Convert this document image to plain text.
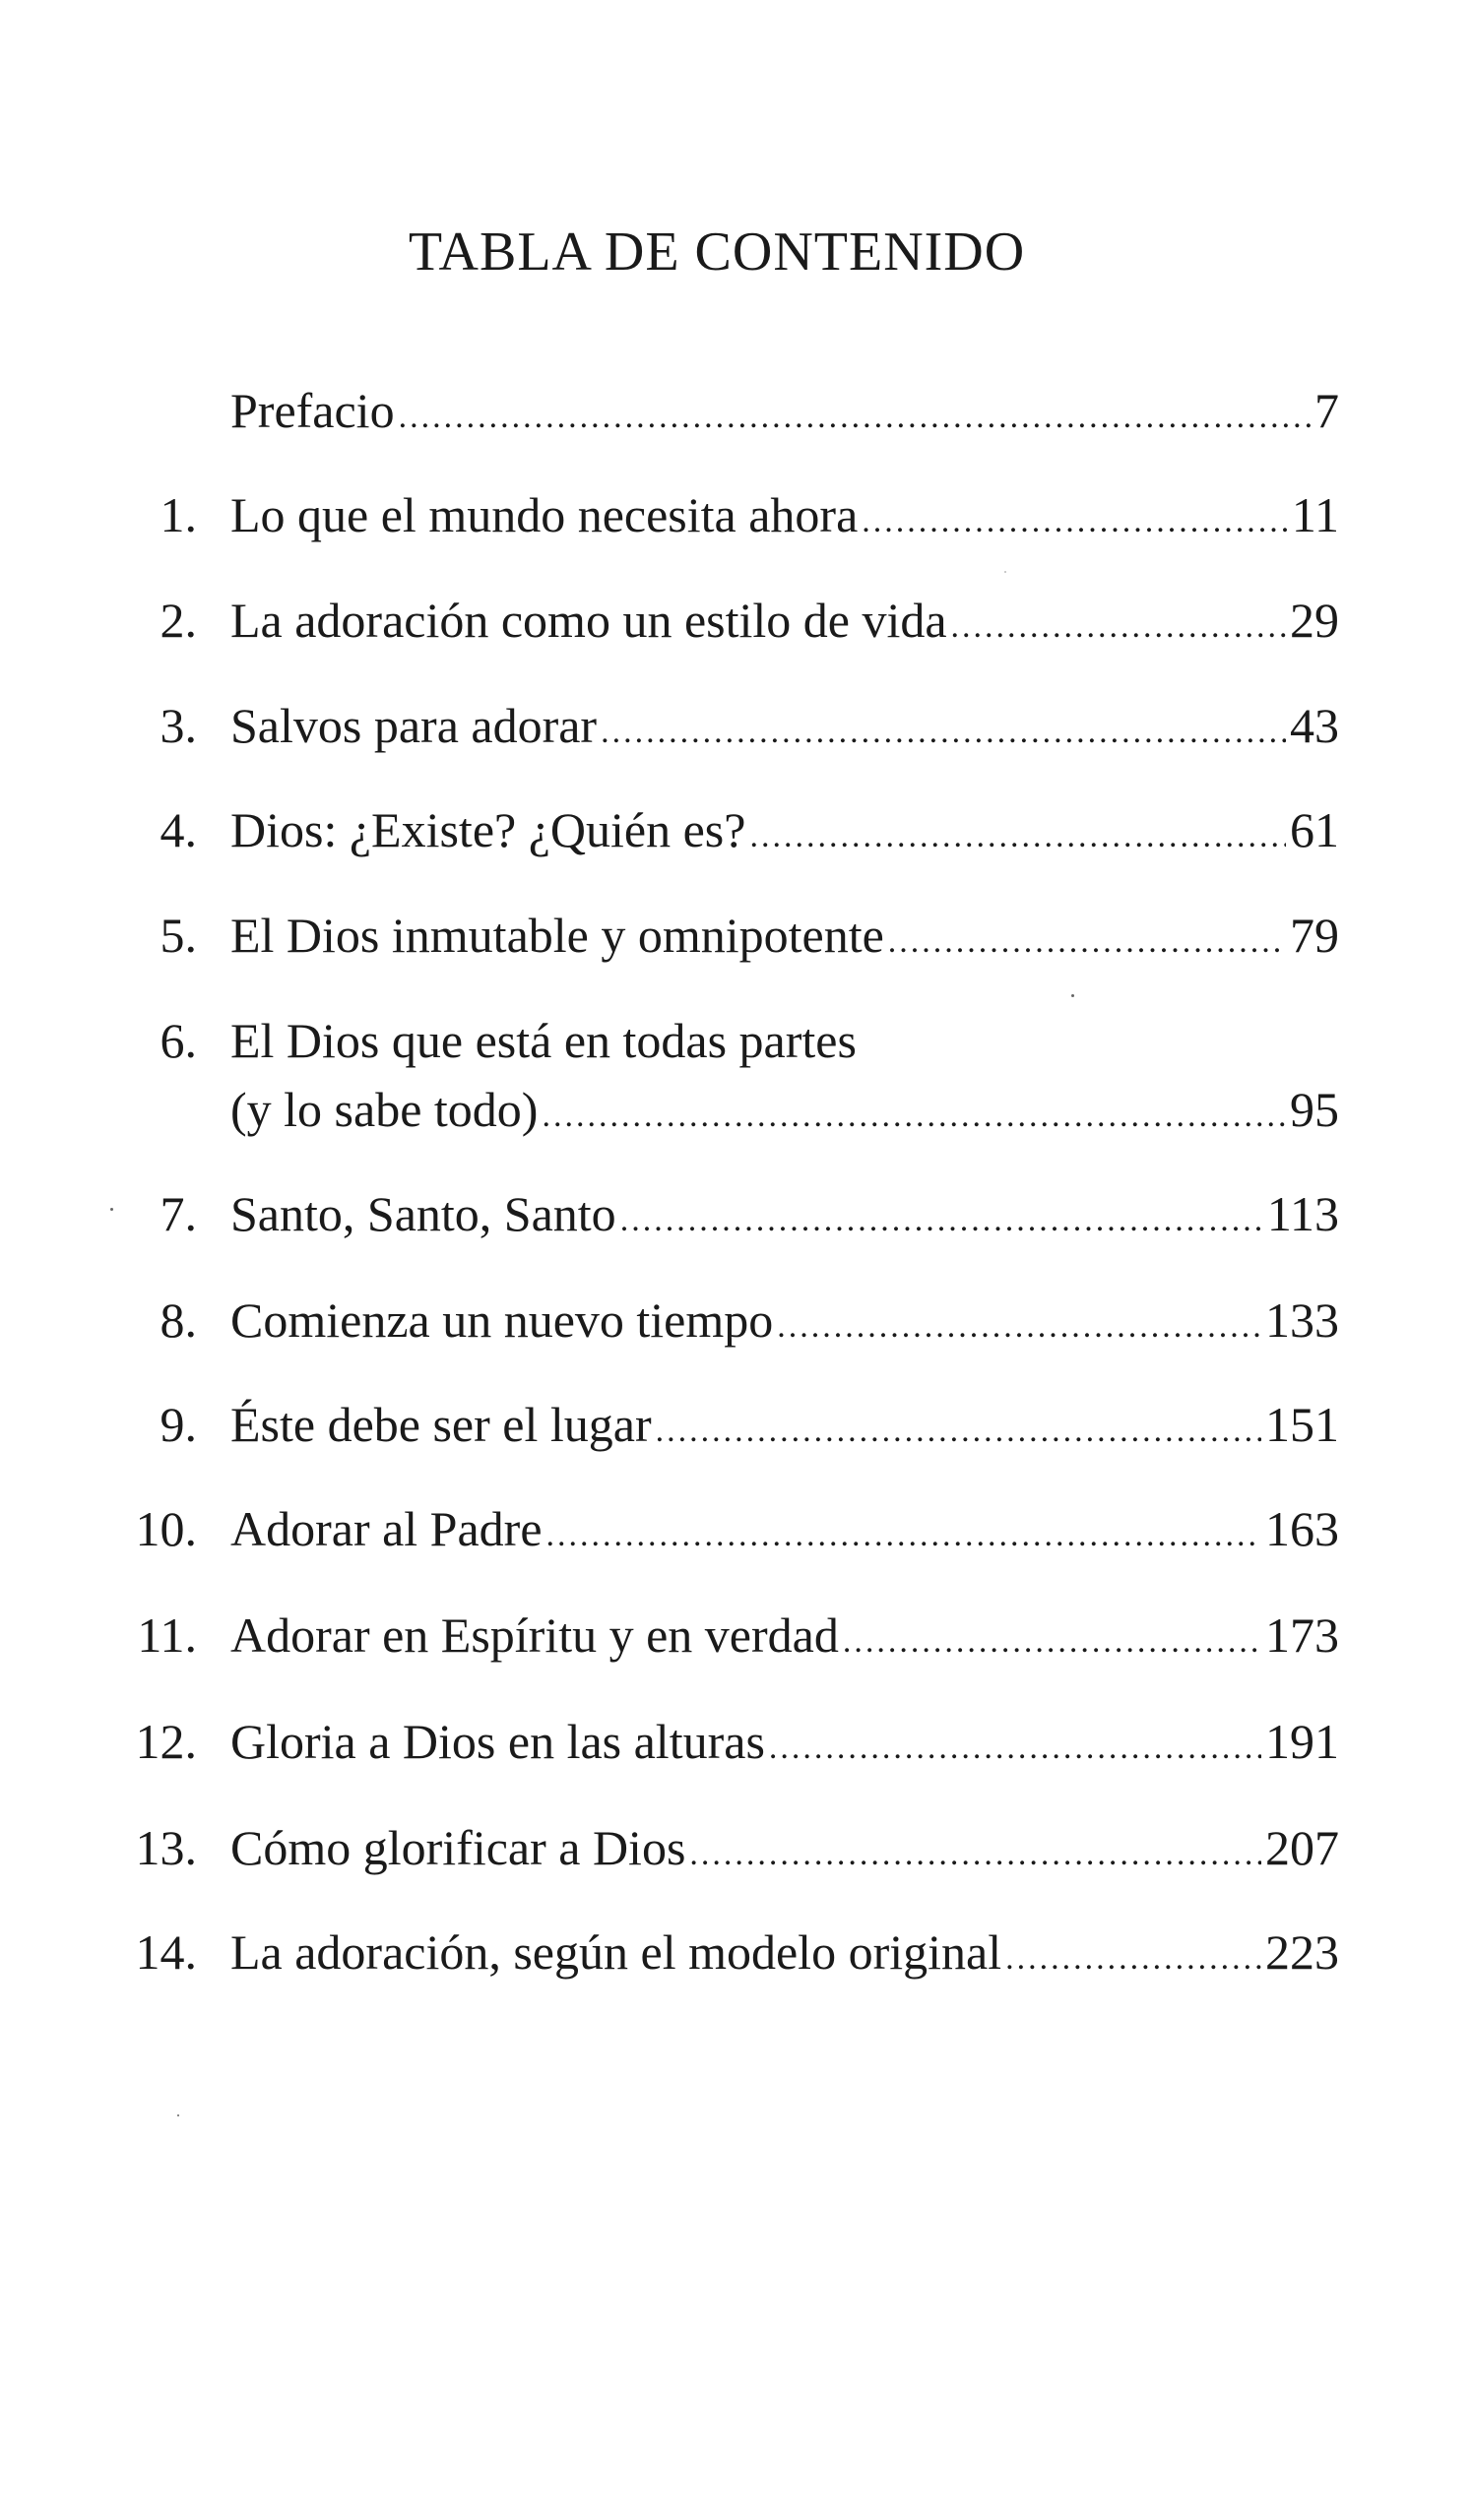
TABLA DE CONTENIDO
Prefacio .....	7
1. Lo que el mundo necesita ahora .....	11
2. La adoración como un estilo de vida .....	29
3. Salvos para adorar .....	43
4. Dios: ¿Existe? ¿Quién es? .....	61
5. El Dios inmutable y omnipotente .....	79
6. El Dios que está en todas partes
(y lo sabe todo) .....	95
7. Santo, Santo, Santo .....	113
8. Comienza un nuevo tiempo .....	133
9. Éste debe ser el lugar .....	151
10. Adorar al Padre .....	163
11. Adorar en Espíritu y en verdad .....	173
12. Gloria a Dios en las alturas .....	191
13. Cómo glorificar a Dios .....	207
14. La adoración, según el modelo original .....	223
